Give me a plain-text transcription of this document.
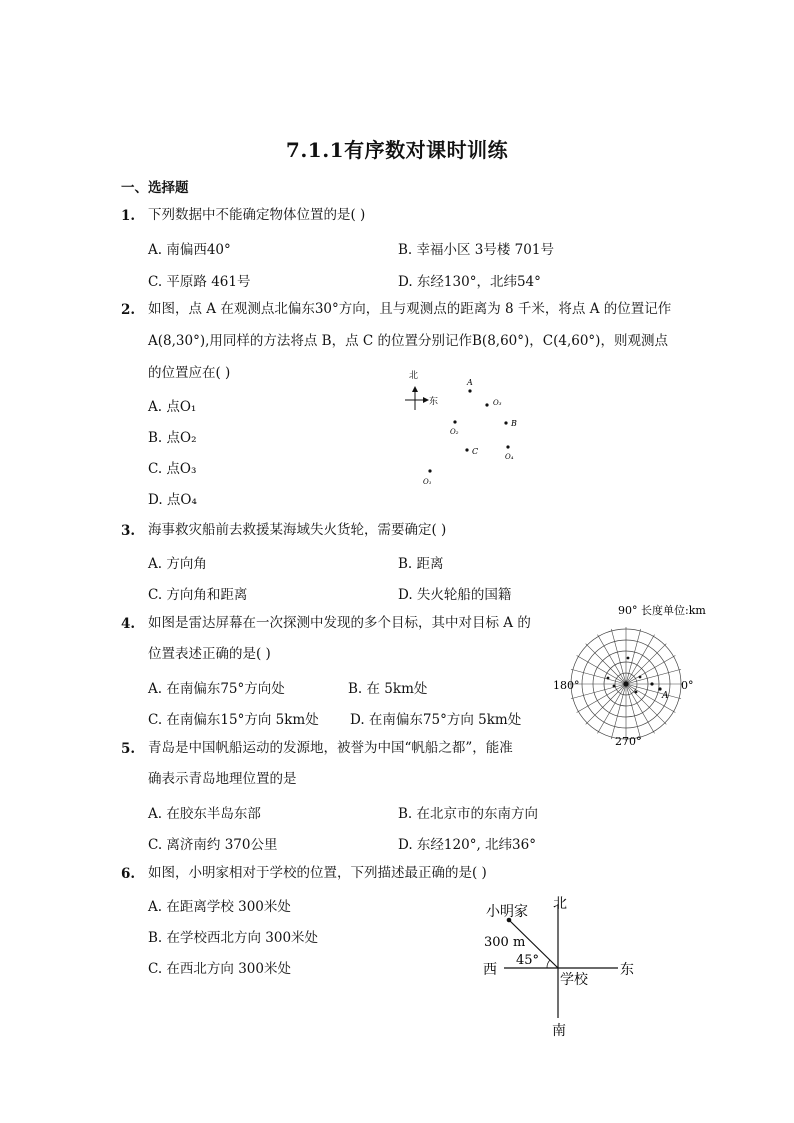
7.1.1有序数对课时训练
一、选择题
1. 下列数据中不能确定物体位置的是( )
A. 南偏西40°	B. 幸福小区 3号楼 701号
C. 平原路 461号	D. 东经130°，北纬54°
2. 如图，点 A 在观测点北偏东30°方向，且与观测点的距离为 8 千米，将点 A 的位置记作
A(8,30°),用同样的方法将点 B，点 C 的位置分别记作B(8,60°)，C(4,60°)，则观测点
的位置应在( )
A. 点O₁
B. 点O₂
C. 点O₃
D. 点O₄
北
东
A
O₃
O₂
B
C
O₄
O₁
3. 海事救灾船前去救援某海域失火货轮，需要确定( )
A. 方向角	B. 距离
C. 方向角和距离	D. 失火轮船的国籍
4. 如图是雷达屏幕在一次探测中发现的多个目标，其中对目标 A 的
位置表述正确的是( )
A. 在南偏东75°方向处	B. 在 5km处
C. 在南偏东15°方向 5km处 D. 在南偏东75°方向 5km处
90° 长度单位:km
A
180°	0°
270°
5. 青岛是中国帆船运动的发源地，被誉为中国“帆船之都”，能准
确表示青岛地理位置的是
A. 在胶东半岛东部	B. 在北京市的东南方向
C. 离济南约 370公里	D. 东经120°, 北纬36°
6. 如图，小明家相对于学校的位置，下列描述最正确的是( )
A. 在距离学校 300米处
B. 在学校西北方向 300米处
C. 在西北方向 300米处
北
小明家
300 m
45°
西	东
学校
南
